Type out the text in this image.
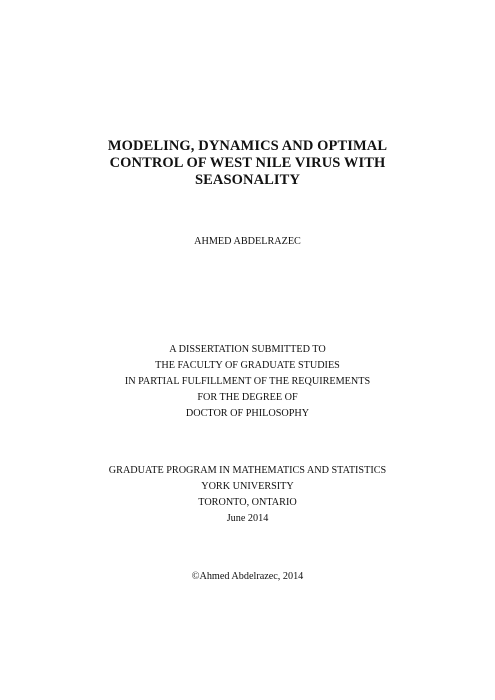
MODELING, DYNAMICS AND OPTIMAL
CONTROL OF WEST NILE VIRUS WITH
SEASONALITY
AHMED ABDELRAZEC
A DISSERTATION SUBMITTED TO
THE FACULTY OF GRADUATE STUDIES
IN PARTIAL FULFILLMENT OF THE REQUIREMENTS
FOR THE DEGREE OF
DOCTOR OF PHILOSOPHY
GRADUATE PROGRAM IN MATHEMATICS AND STATISTICS
YORK UNIVERSITY
TORONTO, ONTARIO
June 2014
©Ahmed Abdelrazec, 2014
